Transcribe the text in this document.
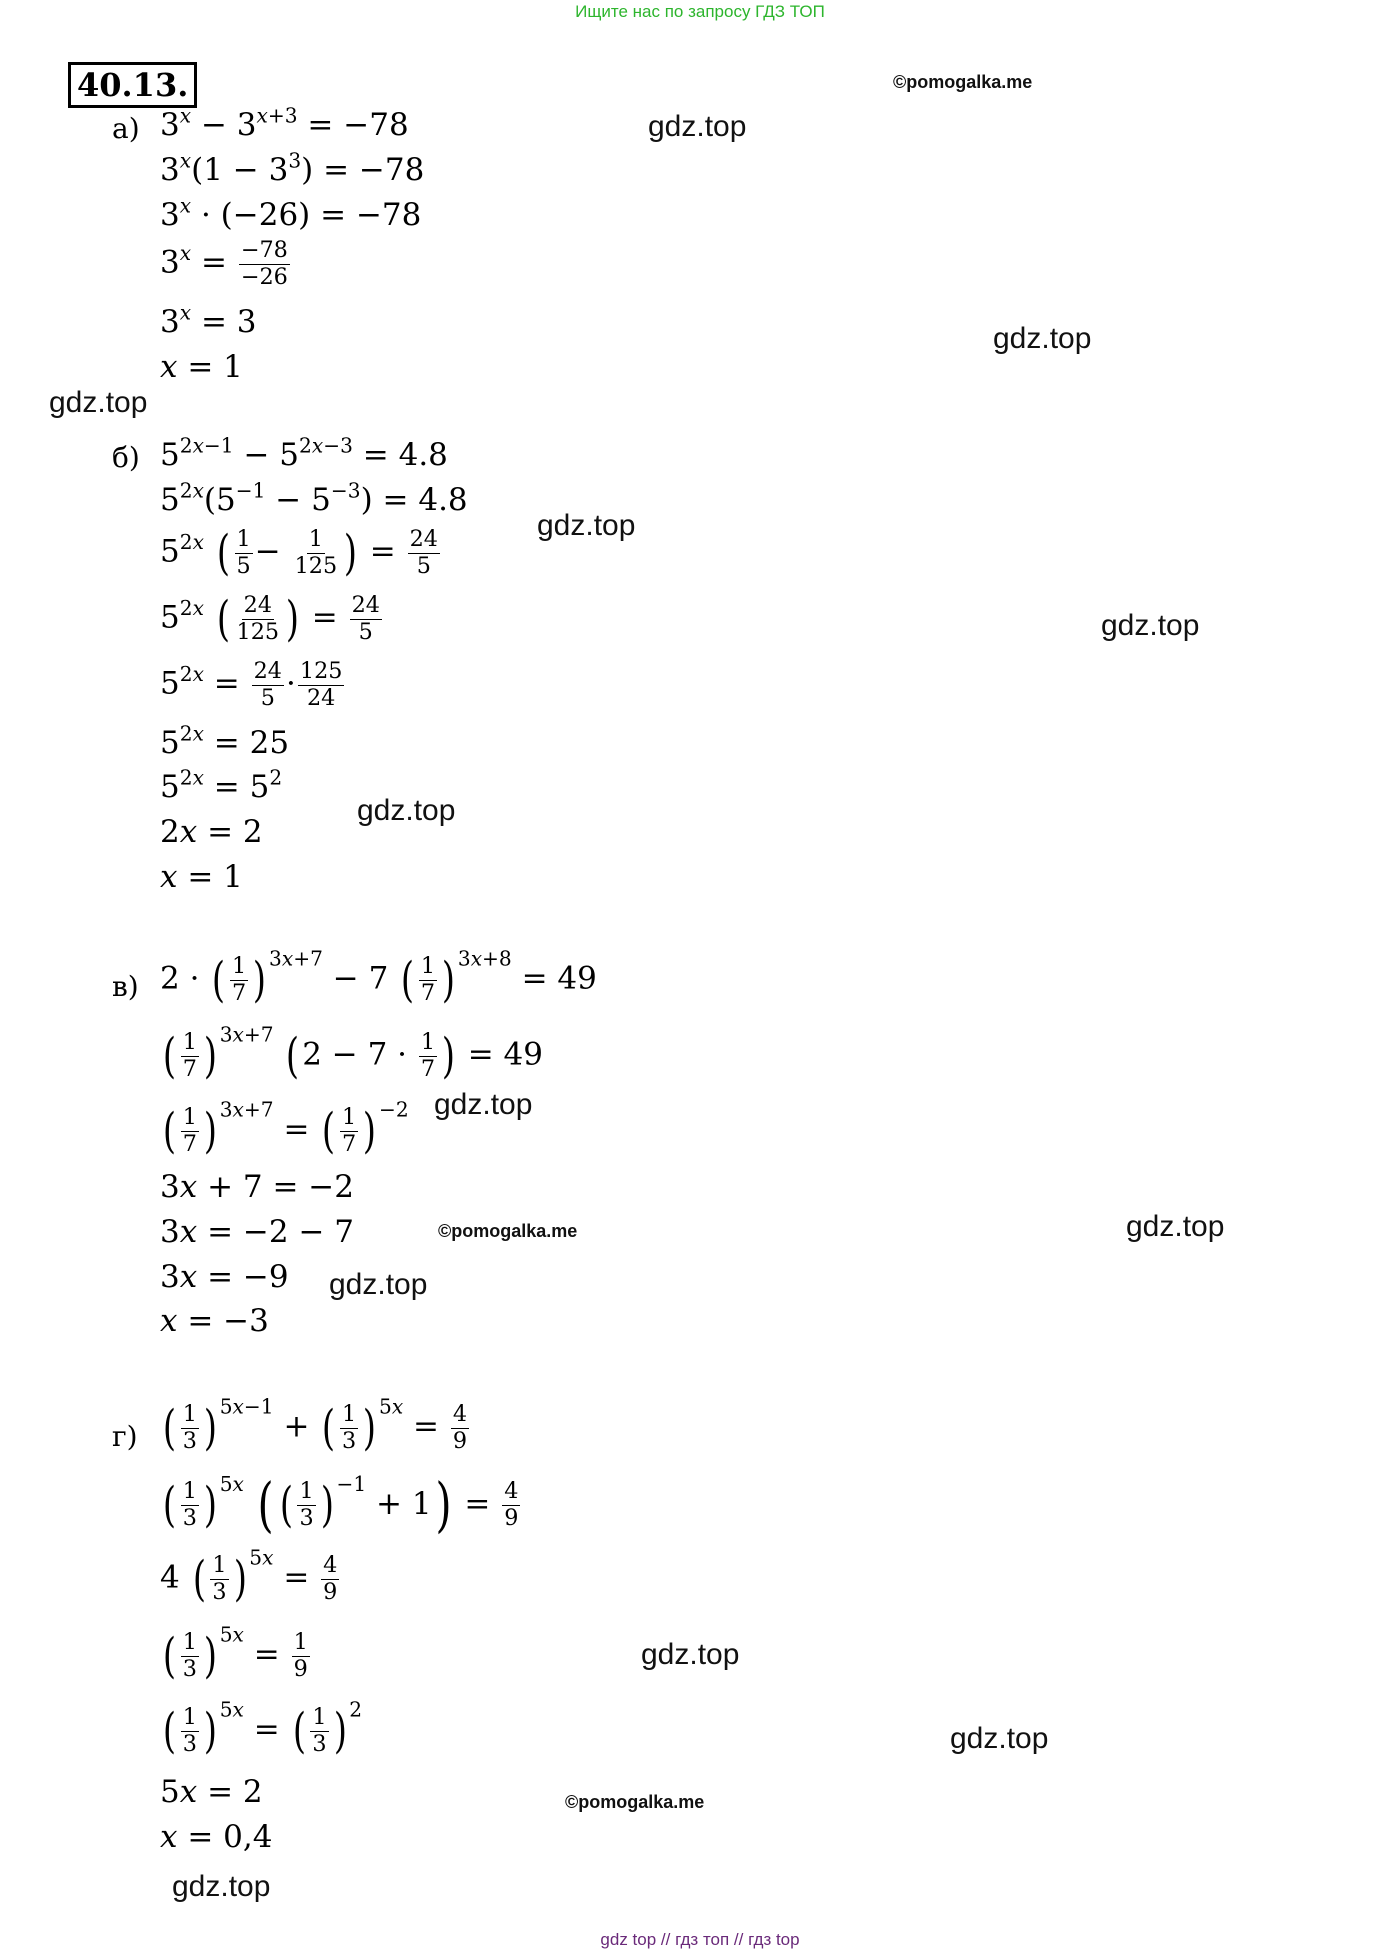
Ищите нас по запросу ГДЗ ТОП
40.13.	©pomogalka.me
gdz.top
gdz.top
gdz.top
gdz.top
gdz.top
gdz.top
gdz.top
©pomogalka.me	gdz.top
gdz.top
gdz.top
gdz.top
©pomogalka.me
gdz.top
а) $3^x - 3^{x+3} = -78$
$3^x(1 - 3^3) = -78$
$3^x \cdot (-26) = -78$
$3^x = \frac{-78}{-26}$
$3^x = 3$
x = 1
б) $5^{2x-1} - 5^{2x-3} = 4.8$
$5^{2x}(5^{-1} - 5^{-3}) = 4.8$
$5^{2x}$ ( $\frac{1}{5} - \frac{1}{125}$ ) = $\frac{24}{5}$
$5^{2x}$ ( $\frac{24}{125}$ ) = $\frac{24}{5}$
$5^{2x} = \frac{24}{5} \cdot \frac{125}{24}$
$5^{2x} = 25$
$5^{2x} = 5^2$
2x = 2
x = 1
в) 2 · ( $\frac{1}{7}$ ) $^{3x+7}$ − 7 ( $\frac{1}{7}$ ) $^{3x+8}$ = 49
( $\frac{1}{7}$ ) $^{3x+7}$ ($2 - 7 \cdot \frac{1}{7}$ ) = 49
( $\frac{1}{7}$ ) $^{3x+7}$ = ( $\frac{1}{7}$ ) $^{-2}$
3x + 7 = −2
3x = −2 − 7
3x = −9
x = −3
г) ( $\frac{1}{3}$ ) $^{5x-1}$ + ( $\frac{1}{3}$ ) $^{5x} = \frac{4}{9}$
( $\frac{1}{3}$ ) $^{5x}$ ( ( $\frac{1}{3}$ ) $^{-1} + 1) = \frac{4}{9}$
4 ( $\frac{1}{3}$ ) $^{5x} = \frac{4}{9}$
( $\frac{1}{3}$ ) $^{5x} = \frac{1}{9}$
( $\frac{1}{3}$ ) $^{5x}$ = ( $\frac{1}{3}$ ) $^2$
5x = 2
x = 0,4
gdz top // гдз топ // гдз top
